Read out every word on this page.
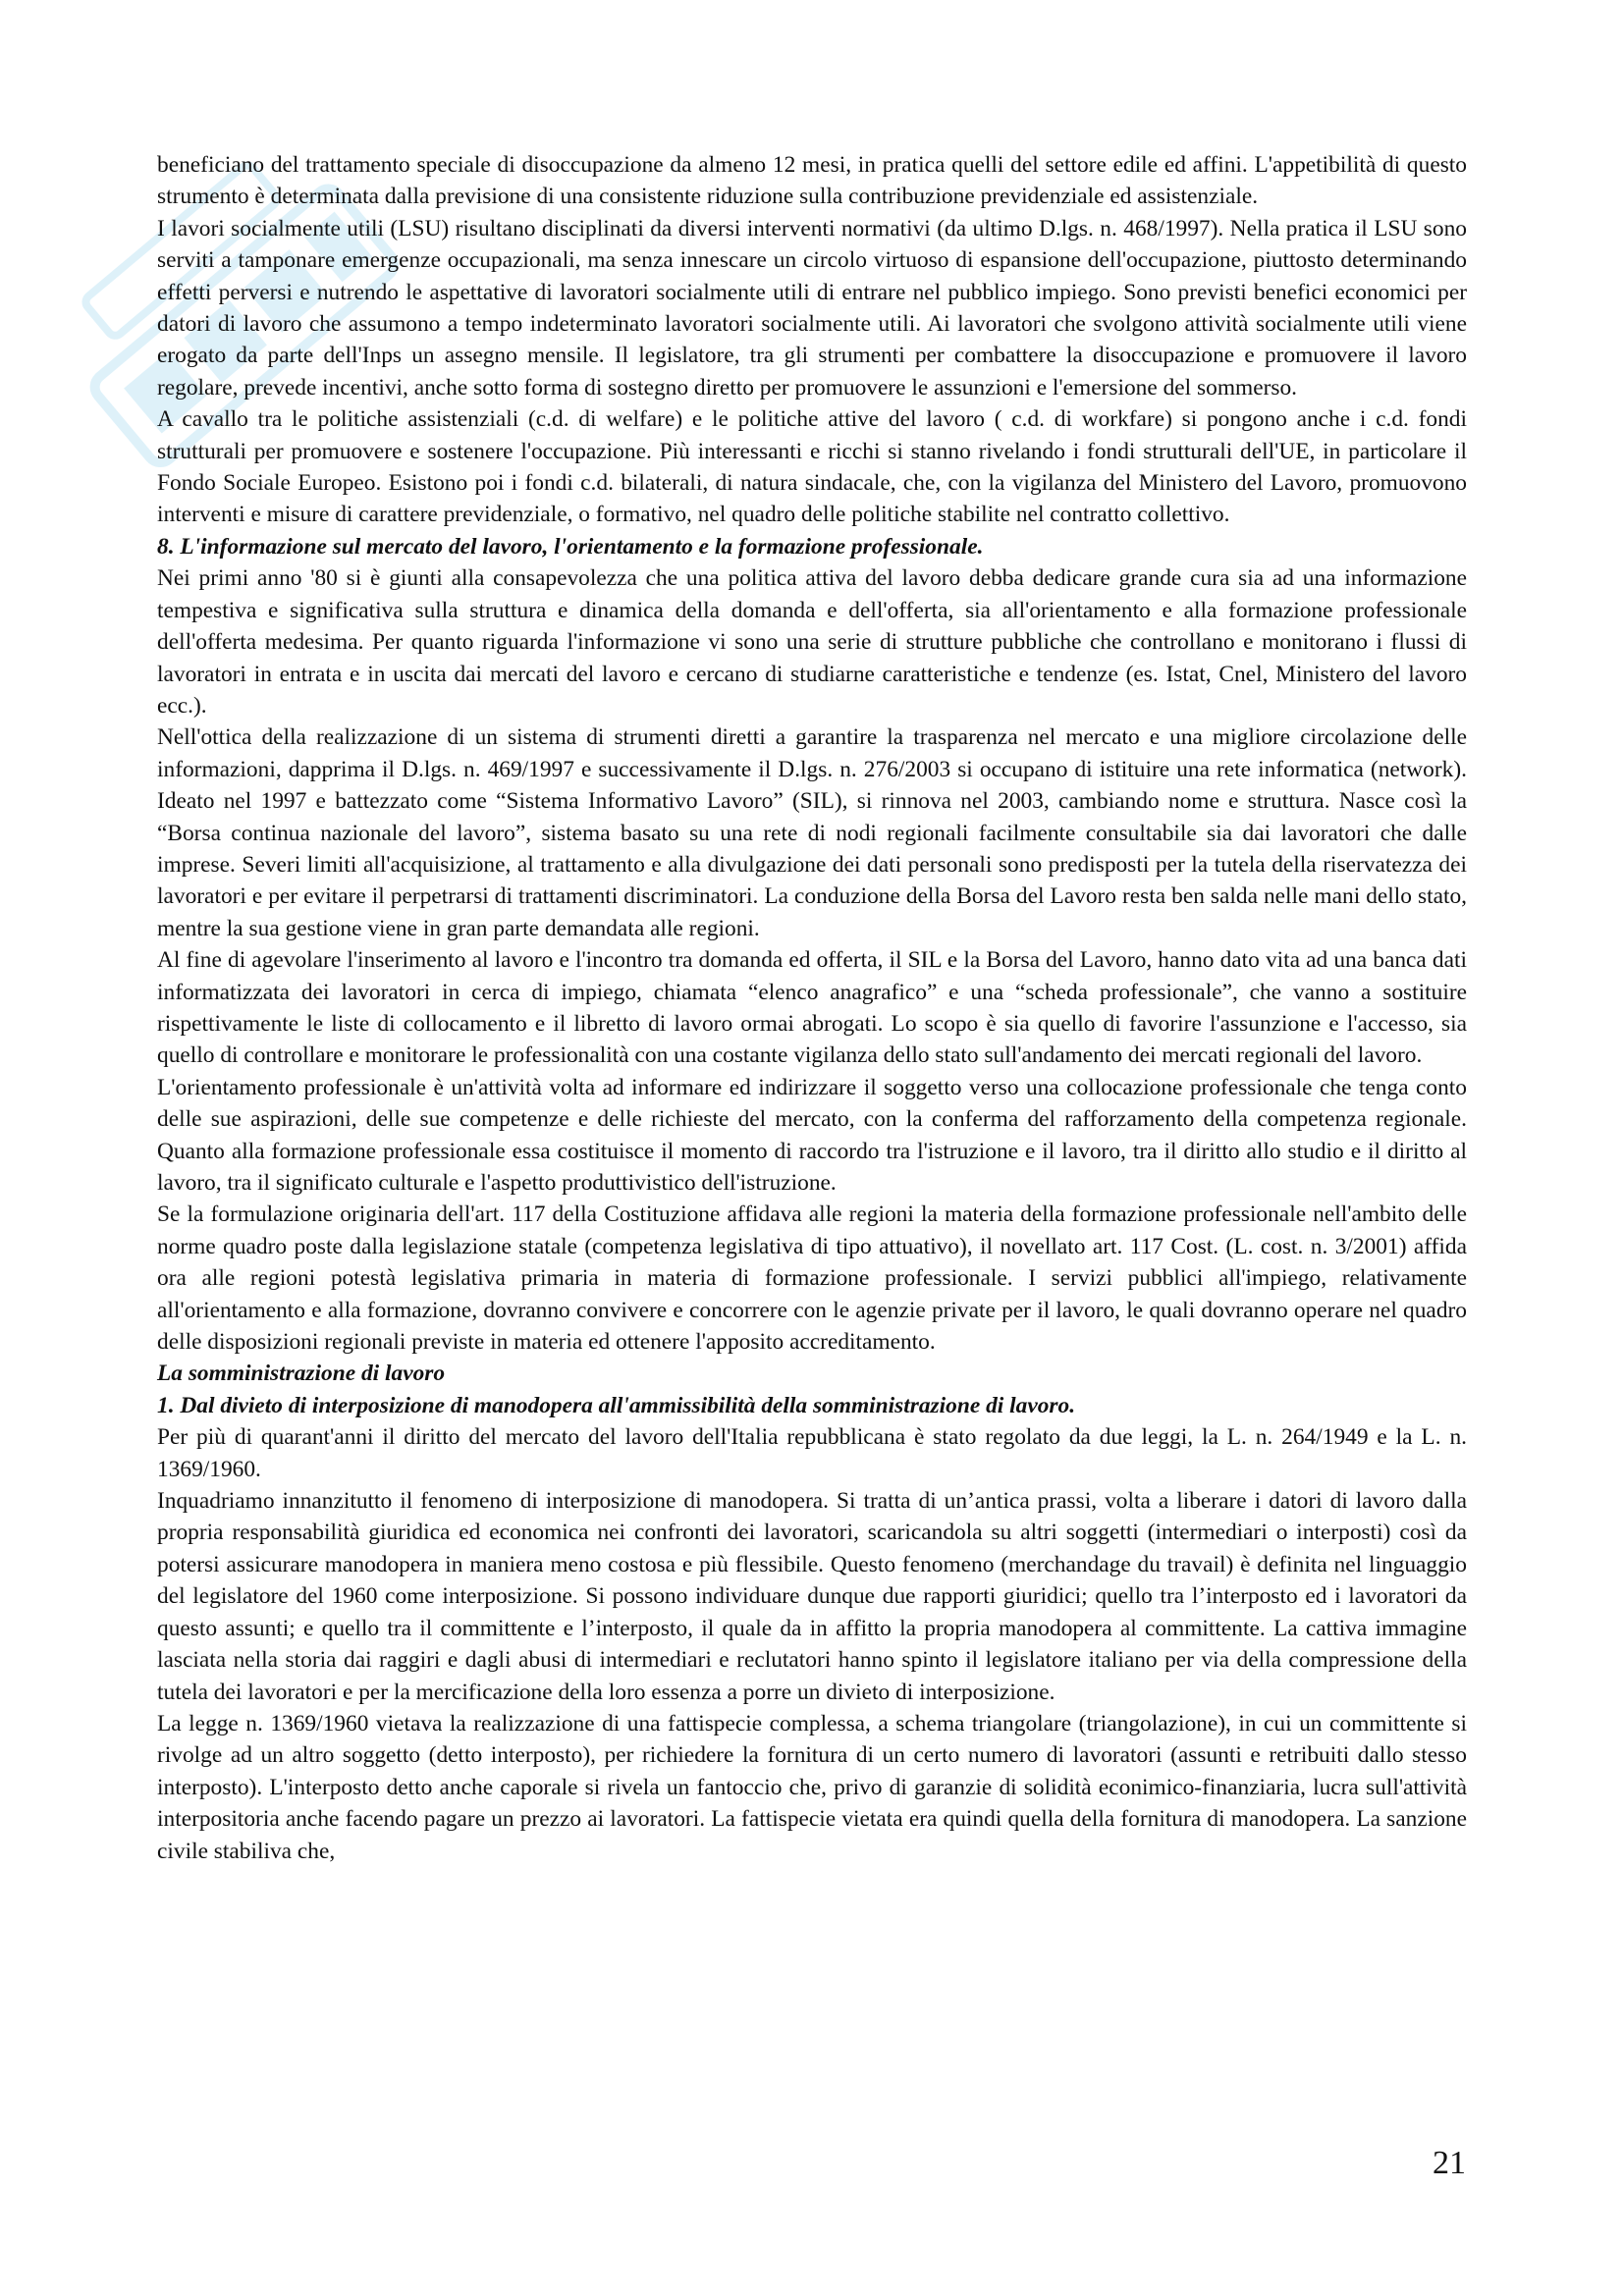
beneficiano del trattamento speciale di disoccupazione da almeno 12 mesi, in pratica quelli del settore edile ed affini. L'appetibilità di questo strumento è determinata dalla previsione di una consistente riduzione sulla contribuzione previdenziale ed assistenziale.

I lavori socialmente utili (LSU) risultano disciplinati da diversi interventi normativi (da ultimo D.lgs. n. 468/1997). Nella pratica il LSU sono serviti a tamponare emergenze occupazionali, ma senza innescare un circolo virtuoso di espansione dell'occupazione, piuttosto determinando effetti perversi e nutrendo le aspettative di lavoratori socialmente utili di entrare nel pubblico impiego. Sono previsti benefici economici per datori di lavoro che assumono a tempo indeterminato lavoratori socialmente utili. Ai lavoratori che svolgono attività socialmente utili viene erogato da parte dell'Inps un assegno mensile. Il legislatore, tra gli strumenti per combattere la disoccupazione e promuovere il lavoro regolare, prevede incentivi, anche sotto forma di sostegno diretto per promuovere le assunzioni e l'emersione del sommerso.

A cavallo tra le politiche assistenziali (c.d. di welfare) e le politiche attive del lavoro ( c.d. di workfare) si pongono anche i c.d. fondi strutturali per promuovere e sostenere l'occupazione. Più interessanti e ricchi si stanno rivelando i fondi strutturali dell'UE, in particolare il Fondo Sociale Europeo. Esistono poi i fondi c.d. bilaterali, di natura sindacale, che, con la vigilanza del Ministero del Lavoro, promuovono interventi e misure di carattere previdenziale, o formativo, nel quadro delle politiche stabilite nel contratto collettivo.

8. L'informazione sul mercato del lavoro, l'orientamento e la formazione professionale.

Nei primi anno '80 si è giunti alla consapevolezza che una politica attiva del lavoro debba dedicare grande cura sia ad una informazione tempestiva e significativa sulla struttura e dinamica della domanda e dell'offerta, sia all'orientamento e alla formazione professionale dell'offerta medesima. Per quanto riguarda l'informazione vi sono una serie di strutture pubbliche che controllano e monitorano i flussi di lavoratori in entrata e in uscita dai mercati del lavoro e cercano di studiarne caratteristiche e tendenze (es. Istat, Cnel, Ministero del lavoro ecc.).

Nell'ottica della realizzazione di un sistema di strumenti diretti a garantire la trasparenza nel mercato e una migliore circolazione delle informazioni, dapprima il D.lgs. n. 469/1997 e successivamente il D.lgs. n. 276/2003 si occupano di istituire una rete informatica (network). Ideato nel 1997 e battezzato come “Sistema Informativo Lavoro” (SIL), si rinnova nel 2003, cambiando nome e struttura. Nasce così la “Borsa continua nazionale del lavoro”, sistema basato su una rete di nodi regionali facilmente consultabile sia dai lavoratori che dalle imprese. Severi limiti all'acquisizione, al trattamento e alla divulgazione dei dati personali sono predisposti per la tutela della riservatezza dei lavoratori e per evitare il perpetrarsi di trattamenti discriminatori. La conduzione della Borsa del Lavoro resta ben salda nelle mani dello stato, mentre la sua gestione viene in gran parte demandata alle regioni.

Al fine di agevolare l'inserimento al lavoro e l'incontro tra domanda ed offerta, il SIL e la Borsa del Lavoro, hanno dato vita ad una banca dati informatizzata dei lavoratori in cerca di impiego, chiamata “elenco anagrafico” e una “scheda professionale”, che vanno a sostituire rispettivamente le liste di collocamento e il libretto di lavoro ormai abrogati. Lo scopo è sia quello di favorire l'assunzione e l'accesso, sia quello di controllare e monitorare le professionalità con una costante vigilanza dello stato sull'andamento dei mercati regionali del lavoro.

L'orientamento professionale è un'attività volta ad informare ed indirizzare il soggetto verso una collocazione professionale che tenga conto delle sue aspirazioni, delle sue competenze e delle richieste del mercato, con la conferma del rafforzamento della competenza regionale. Quanto alla formazione professionale essa costituisce il momento di raccordo tra l'istruzione e il lavoro, tra il diritto allo studio e il diritto al lavoro, tra il significato culturale e l'aspetto produttivistico dell'istruzione.

Se la formulazione originaria dell'art. 117 della Costituzione affidava alle regioni la materia della formazione professionale nell'ambito delle norme quadro poste dalla legislazione statale (competenza legislativa di tipo attuativo), il novellato art. 117 Cost. (L. cost. n. 3/2001) affida ora alle regioni potestà legislativa primaria in materia di formazione professionale. I servizi pubblici all'impiego, relativamente all'orientamento e alla formazione, dovranno convivere e concorrere con le agenzie private per il lavoro, le quali dovranno operare nel quadro delle disposizioni regionali previste in materia ed ottenere l'apposito accreditamento.

La somministrazione di lavoro

1. Dal divieto di interposizione di manodopera all'ammissibilità della somministrazione di lavoro.

Per più di quarant'anni il diritto del mercato del lavoro dell'Italia repubblicana è stato regolato da due leggi, la L. n. 264/1949 e la L. n. 1369/1960.

Inquadriamo innanzitutto il fenomeno di interposizione di manodopera. Si tratta di un’antica prassi, volta a liberare i datori di lavoro dalla propria responsabilità giuridica ed economica nei confronti dei lavoratori, scaricandola su altri soggetti (intermediari o interposti) così da potersi assicurare manodopera in maniera meno costosa e più flessibile. Questo fenomeno (merchandage du travail) è definita nel linguaggio del legislatore del 1960 come interposizione. Si possono individuare dunque due rapporti giuridici; quello tra l’interposto ed i lavoratori da questo assunti; e quello tra il committente e l’interposto, il quale da in affitto la propria manodopera al committente. La cattiva immagine lasciata nella storia dai raggiri e dagli abusi di intermediari e reclutatori hanno spinto il legislatore italiano per via della compressione della tutela dei lavoratori e per la mercificazione della loro essenza a porre un divieto di interposizione.

La legge n. 1369/1960 vietava la realizzazione di una fattispecie complessa, a schema triangolare (triangolazione), in cui un committente si rivolge ad un altro soggetto (detto interposto), per richiedere la fornitura di un certo numero di lavoratori (assunti e retribuiti dallo stesso interposto). L'interposto detto anche caporale si rivela un fantoccio che, privo di garanzie di solidità econimico-finanziaria, lucra sull'attività interpositoria anche facendo pagare un prezzo ai lavoratori. La fattispecie vietata era quindi quella della fornitura di manodopera. La sanzione civile stabiliva che,

21
